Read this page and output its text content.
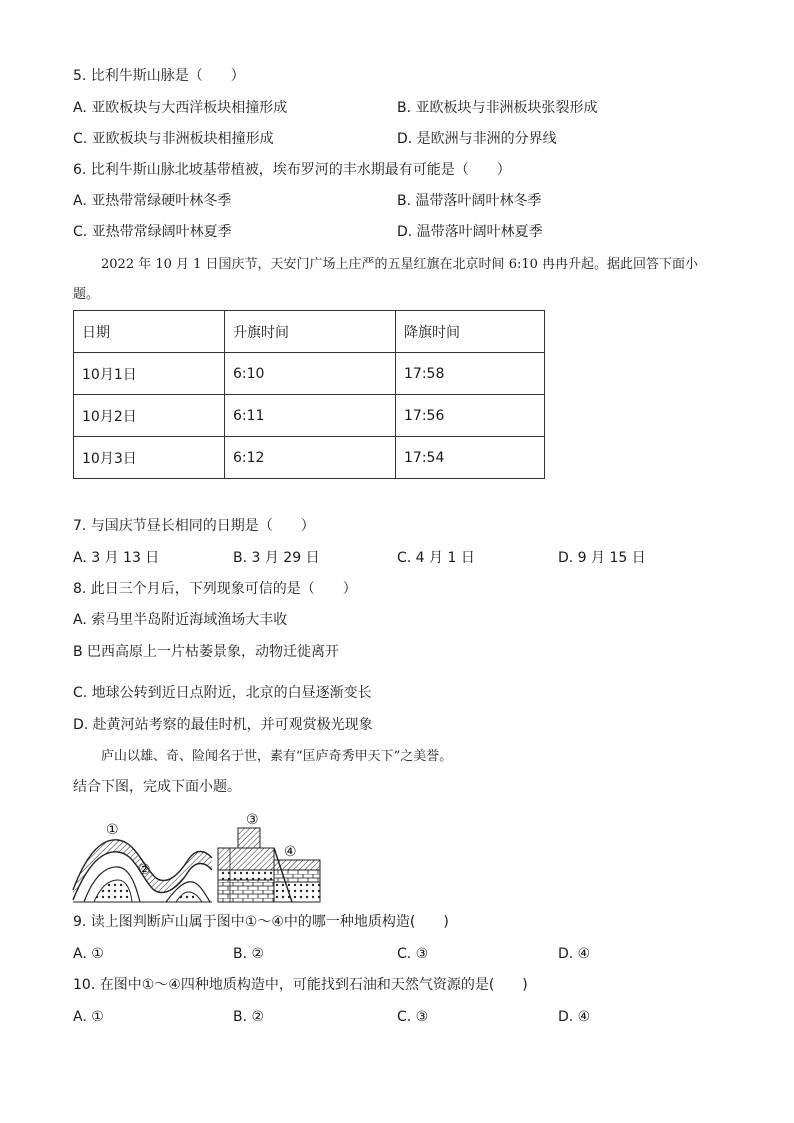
5. 比利牛斯山脉是（　　）
A. 亚欧板块与大西洋板块相撞形成	B. 亚欧板块与非洲板块张裂形成
C. 亚欧板块与非洲板块相撞形成	D. 是欧洲与非洲的分界线
6. 比利牛斯山脉北坡基带植被，埃布罗河的丰水期最有可能是（　　）
A. 亚热带常绿硬叶林冬季	B. 温带落叶阔叶林冬季
C. 亚热带常绿阔叶林夏季	D. 温带落叶阔叶林夏季
2022 年 10 月 1 日国庆节，天安门广场上庄严的五星红旗在北京时间 6:10 冉冉升起。据此回答下面小
题。
日期	升旗时间	降旗时间
10月1日	6:10	17:58
10月2日	6:11	17:56
10月3日	6:12	17:54
7. 与国庆节昼长相同的日期是（　　）
A. 3 月 13 日	B. 3 月 29 日	C. 4 月 1 日	D. 9 月 15 日
8. 此日三个月后，下列现象可信的是（　　）
A. 索马里半岛附近海域渔场大丰收
B 巴西高原上一片枯萎景象，动物迁徙离开
C. 地球公转到近日点附近，北京的白昼逐渐变长
D. 赴黄河站考察的最佳时机，并可观赏极光现象
庐山以雄、奇、险闻名于世，素有“匡庐奇秀甲天下”之美誉。
结合下图，完成下面小题。
①
②
③
④
9. 读上图判断庐山属于图中①～④中的哪一种地质构造(　　)
A. ①	B. ②	C. ③	D. ④
10. 在图中①～④四种地质构造中，可能找到石油和天然气资源的是(　　)
A. ①	B. ②	C. ③	D. ④
